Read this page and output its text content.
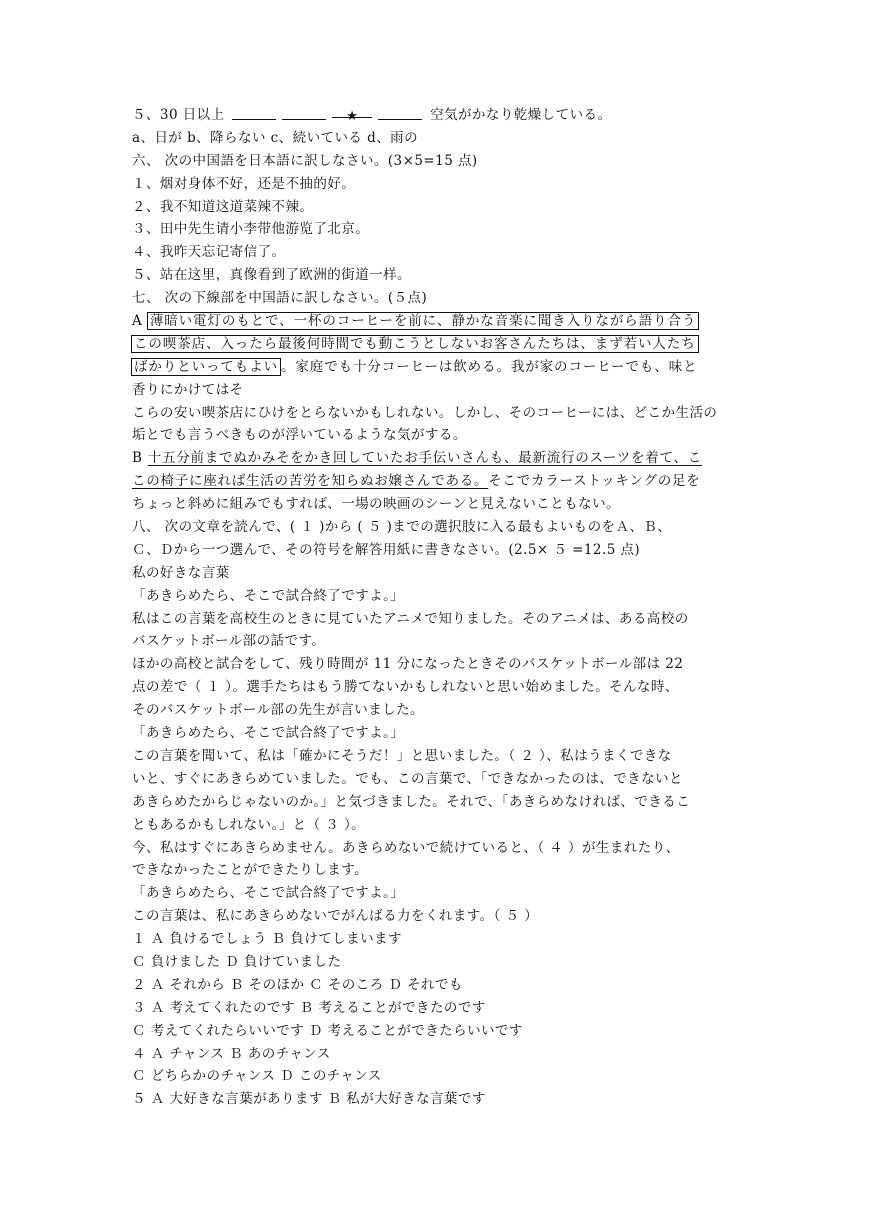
５、30 日以上	★	空気がかなり乾燥している。
a、日が b、降らない c、続いている d、雨の
六、 次の中国語を日本語に訳しなさい。(3×5=15 点)
１、烟对身体不好，还是不抽的好。
２、我不知道这道菜辣不辣。
３、田中先生请小李带他游览了北京。
４、我昨天忘记寄信了。
５、站在这里，真像看到了欧洲的街道一样。
七、 次の下線部を中国語に訳しなさい。(５点)
A 薄暗い電灯のもとで、一杯のコーヒーを前に、静かな音楽に聞き入りながら語り合う
この喫茶店、入ったら最後何時間でも動こうとしないお客さんたちは、まず若い人たち
ばかりといってもよい 。家庭でも十分コーヒーは飲める。我が家のコーヒーでも、味と
香りにかけてはそ
こらの安い喫茶店にひけをとらないかもしれない。しかし、そのコーヒーには、どこか生活の
垢とでも言うべきものが浮いているような気がする。
B 十五分前までぬかみそをかき回していたお手伝いさんも、最新流行のスーツを着て、こ
この椅子に座れば生活の苦労を知らぬお嬢さんである。そこでカラーストッキングの足を
ちょっと斜めに組みでもすれば、一場の映画のシーンと見えないこともない。
八、 次の文章を読んで、( １ )から ( ５ )までの選択肢に入る最もよいものをＡ、Ｂ、
Ｃ、Ｄから一つ選んで、その符号を解答用紙に書きなさい。(2.5× ５ =12.5 点)
私の好きな言葉
「あきらめたら、そこで試合終了ですよ。」
私はこの言葉を高校生のときに見ていたアニメで知りました。そのアニメは、ある高校の
バスケットボール部の話です。
ほかの高校と試合をして、残り時間が 11 分になったときそのバスケットボール部は 22
点の差で（ １ ）。選手たちはもう勝てないかもしれないと思い始めました。そんな時、
そのバスケットボール部の先生が言いました。
「あきらめたら、そこで試合終了ですよ。」
この言葉を聞いて、私は「確かにそうだ！」と思いました。（ ２ ）、私はうまくできな
いと、すぐにあきらめていました。でも、この言葉で、「できなかったのは、できないと
あきらめたからじゃないのか。」と気づきました。それで、「あきらめなければ、できるこ
ともあるかもしれない。」と（ ３ ）。
今、私はすぐにあきらめません。あきらめないで続けていると、（ ４ ）が生まれたり、
できなかったことができたりします。
「あきらめたら、そこで試合終了ですよ。」
この言葉は、私にあきらめないでがんばる力をくれます。（ ５ ）
１ Ａ 負けるでしょう Ｂ 負けてしまいます
Ｃ 負けました Ｄ 負けていました
２ Ａ それから Ｂ そのほか Ｃ そのころ Ｄ それでも
３ Ａ 考えてくれたのです Ｂ 考えることができたのです
Ｃ 考えてくれたらいいです Ｄ 考えることができたらいいです
４ Ａ チャンス Ｂ あのチャンス
Ｃ どちらかのチャンス Ｄ このチャンス
５ Ａ 大好きな言葉があります Ｂ 私が大好きな言葉です
